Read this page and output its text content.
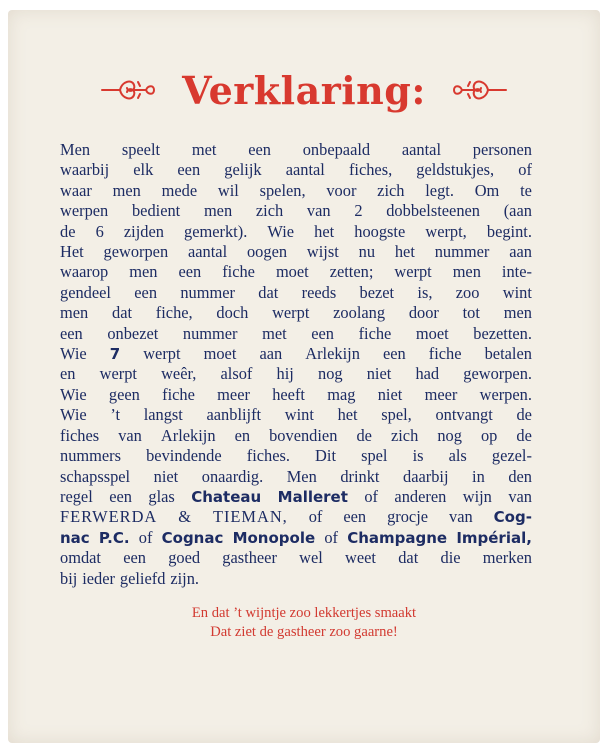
Verklaring:
Men speelt met een onbepaald aantal personen
waarbij elk een gelijk aantal fiches, geldstukjes, of
waar men mede wil spelen, voor zich legt. Om te
werpen bedient men zich van 2 dobbelsteenen (aan
de 6 zijden gemerkt). Wie het hoogste werpt, begint.
Het geworpen aantal oogen wijst nu het nummer aan
waarop men een fiche moet zetten; werpt men inte-
gendeel een nummer dat reeds bezet is, zoo wint
men dat fiche, doch werpt zoolang door tot men
een onbezet nummer met een fiche moet bezetten.
Wie 7 werpt moet aan Arlekijn een fiche betalen
en werpt weêr, alsof hij nog niet had geworpen.
Wie geen fiche meer heeft mag niet meer werpen.
Wie ’t langst aanblijft wint het spel, ontvangt de
fiches van Arlekijn en bovendien de zich nog op de
nummers bevindende fiches. Dit spel is als gezel-
schapsspel niet onaardig. Men drinkt daarbij in den
regel een glas Chateau Malleret of anderen wijn van
FERWERDA & TIEMAN, of een grocje van Cog-
nac P.C. of Cognac Monopole of Champagne Impérial,
omdat een goed gastheer wel weet dat die merken
bij ieder geliefd zijn.
En dat ’t wijntje zoo lekkertjes smaakt
Dat ziet de gastheer zoo gaarne!
